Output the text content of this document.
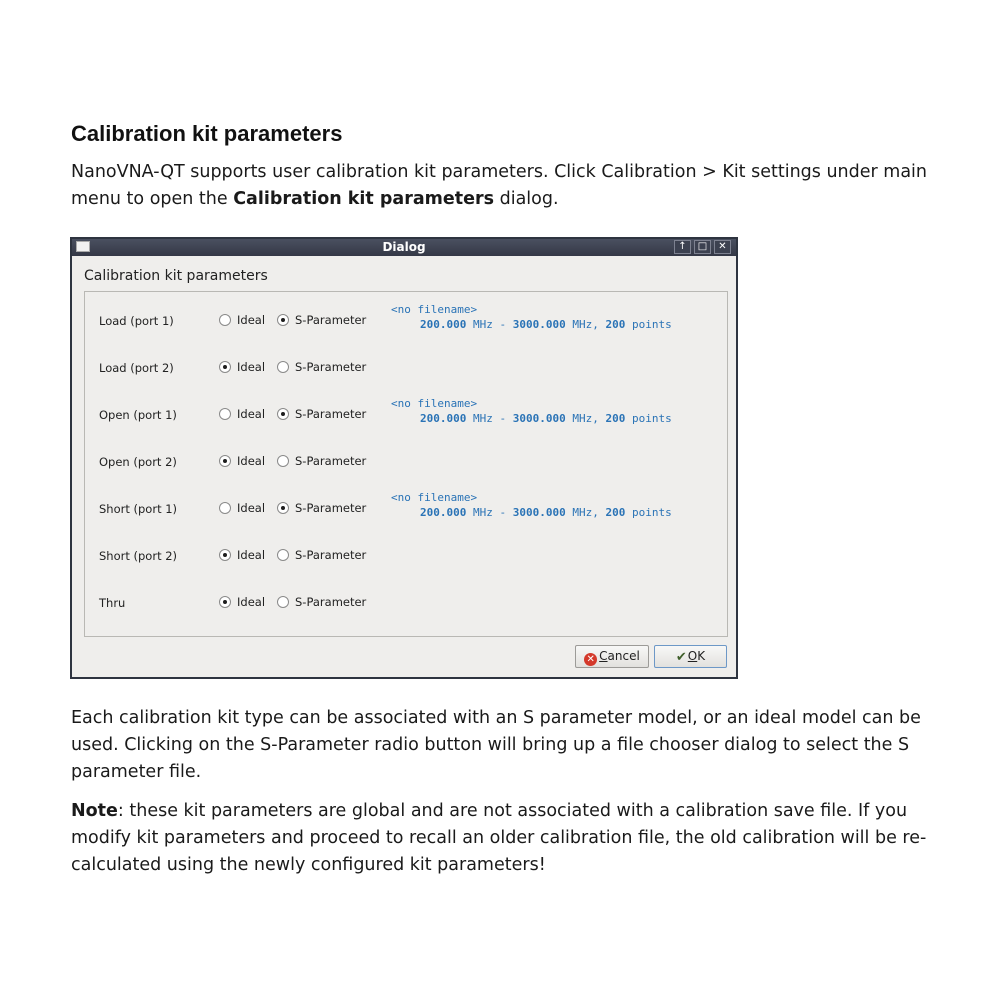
Calibration kit parameters

NanoVNA-QT supports user calibration kit parameters. Click Calibration > Kit settings under main menu to open the Calibration kit parameters dialog.

Dialog	↑	□	✕
Calibration kit parameters
Load (port 1)	Ideal	S-Parameter
<no filename>
200.000 MHz - 3000.000 MHz, 200 points
Load (port 2)	Ideal	S-Parameter
Open (port 1)	Ideal	S-Parameter
<no filename>
200.000 MHz - 3000.000 MHz, 200 points
Open (port 2)	Ideal	S-Parameter
Short (port 1)	Ideal	S-Parameter
<no filename>
200.000 MHz - 3000.000 MHz, 200 points
Short (port 2)	Ideal	S-Parameter
Thru	Ideal	S-Parameter
✕ Cancel	✔OK

Each calibration kit type can be associated with an S parameter model, or an ideal model can be used. Clicking on the S-Parameter radio button will bring up a file chooser dialog to select the S parameter file.

Note: these kit parameters are global and are not associated with a calibration save file. If you modify kit parameters and proceed to recall an older calibration file, the old calibration will be re-calculated using the newly configured kit parameters!
